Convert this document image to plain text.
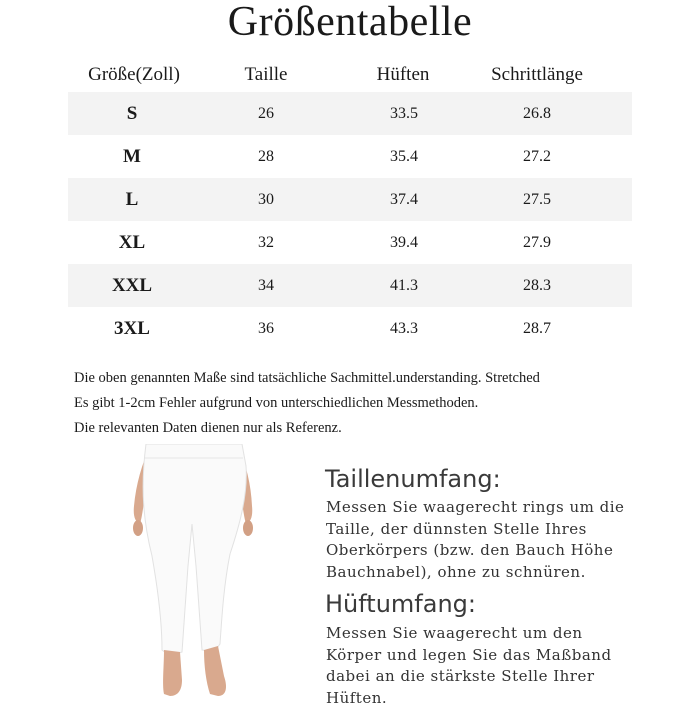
Größentabelle
Größe(Zoll)	Taille	Hüften	Schrittlänge
S	26	33.5	26.8
M	28	35.4	27.2
L	30	37.4	27.5
XL	32	39.4	27.9
XXL	34	41.3	28.3
3XL	36	43.3	28.7
Die oben genannten Maße sind tatsächliche Sachmittel.understanding. Stretched
Es gibt 1-2cm Fehler aufgrund von unterschiedlichen Messmethoden.
Die relevanten Daten dienen nur als Referenz.
Taillenumfang:
Messen Sie waagerecht rings um die
Taille, der dünnsten Stelle Ihres
Oberkörpers (bzw. den Bauch Höhe
Bauchnabel), ohne zu schnüren.
Hüftumfang:
Messen Sie waagerecht um den
Körper und legen Sie das Maßband
dabei an die stärkste Stelle Ihrer
Hüften.
